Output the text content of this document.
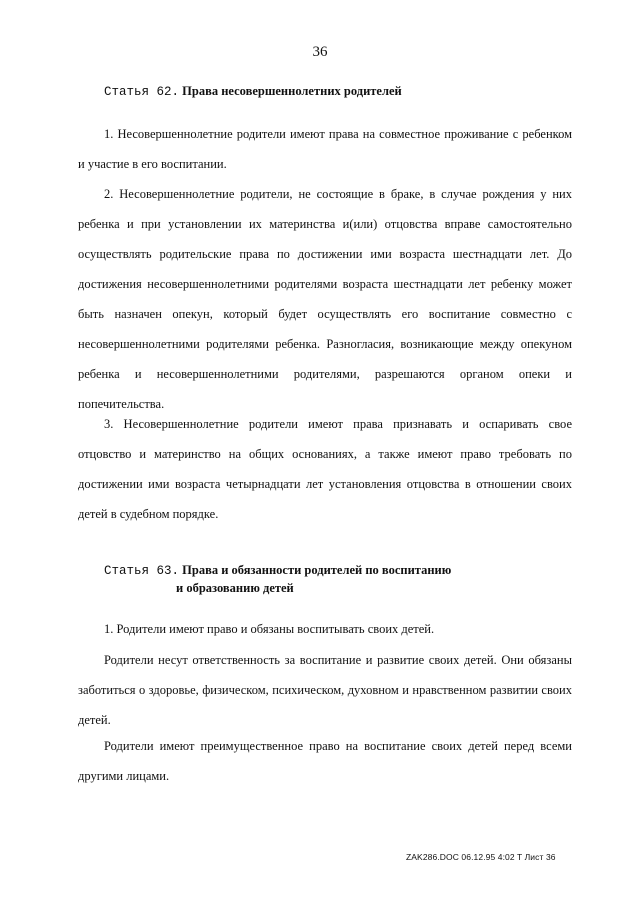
36
Статья 62. Права несовершеннолетних родителей

1. Несовершеннолетние родители имеют права на совместное проживание с ребенком и участие в его воспитании.

2. Несовершеннолетние родители, не состоящие в браке, в случае рождения у них ребенка и при установлении их материнства и(или) отцовства вправе самостоятельно осуществлять родительские права по достижении ими возраста шестнадцати лет. До достижения несовершеннолетними родителями возраста шестнадцати лет ребенку может быть назначен опекун, который будет осуществлять его воспитание совместно с несовершеннолетними родителями ребенка. Разногласия, возникающие между опекуном ребенка и несовершеннолетними родителями, разрешаются органом опеки и попечительства.

3. Несовершеннолетние родители имеют права признавать и оспаривать свое отцовство и материнство на общих основаниях, а также имеют право требовать по достижении ими возраста четырнадцати лет установления отцовства в отношении своих детей в судебном порядке.

Статья 63. Права и обязанности родителей по воспитанию
и образованию детей

1. Родители имеют право и обязаны воспитывать своих детей.

Родители несут ответственность за воспитание и развитие своих детей. Они обязаны заботиться о здоровье, физическом, психическом, духовном и нравственном развитии своих детей.

Родители имеют преимущественное право на воспитание своих детей перед всеми другими лицами.

ZAK286.DOC 06.12.95 4:02 T Лист 36
